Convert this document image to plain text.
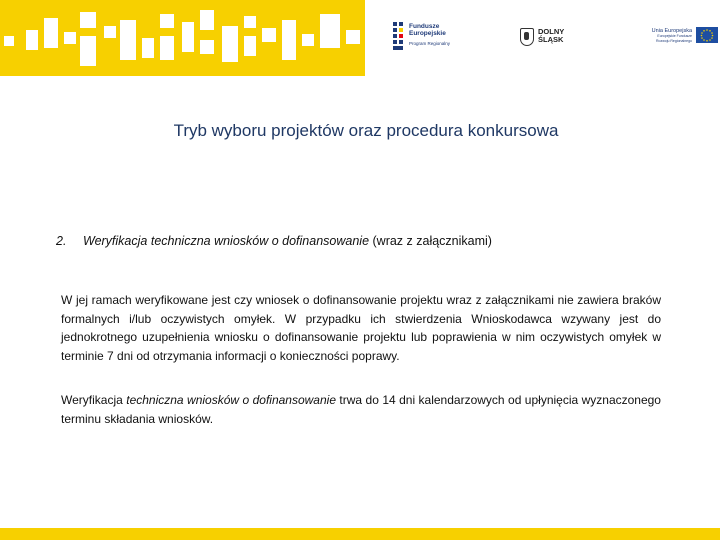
Fundusze
Europejskie
Program Regionalny
DOLNY
ŚLĄSK
Unia Europejska
Europejskie Fundusze
Rozwoju Regionalnego
Tryb wyboru projektów oraz procedura konkursowa
2. Weryfikacja techniczna wniosków o dofinansowanie (wraz z załącznikami)
W jej ramach weryfikowane jest czy wniosek o dofinansowanie projektu wraz z załącznikami nie zawiera braków formalnych i/lub oczywistych omyłek. W przypadku ich stwierdzenia Wnioskodawca wzywany jest do jednokrotnego uzupełnienia wniosku o dofinansowanie projektu lub poprawienia w nim oczywistych omyłek w terminie 7 dni od otrzymania informacji o konieczności poprawy.
Weryfikacja techniczna wniosków o dofinansowanie trwa do 14 dni kalendarzowych od upłynięcia wyznaczonego terminu składania wniosków.
